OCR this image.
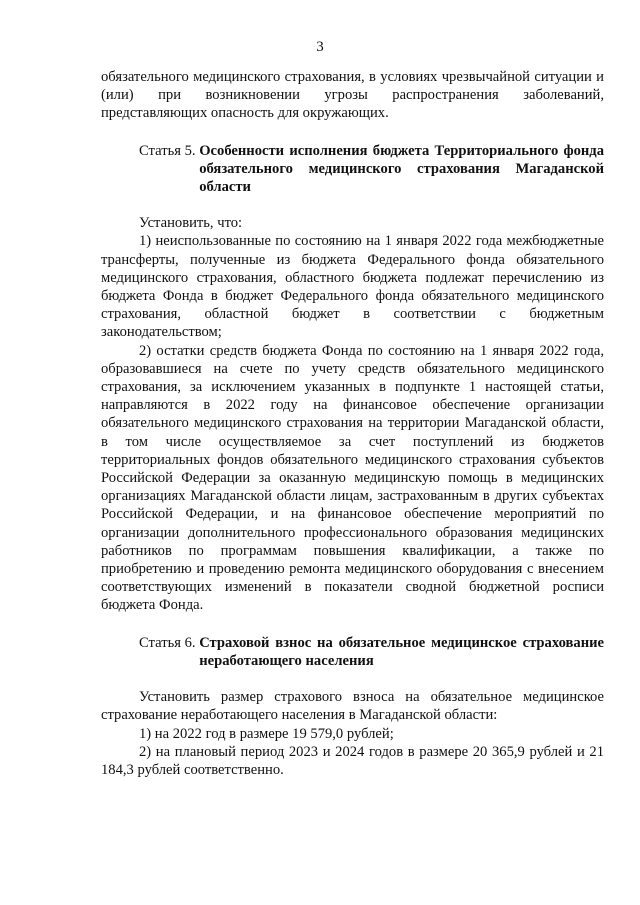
3

обязательного медицинского страхования, в условиях чрезвычайной ситуации и (или) при возникновении угрозы распространения заболеваний, представляющих опасность для окружающих.

Статья 5. Особенности исполнения бюджета Территориального фонда обязательного медицинского страхования Магаданской области

Установить, что:

1) неиспользованные по состоянию на 1 января 2022 года межбюджетные трансферты, полученные из бюджета Федерального фонда обязательного медицинского страхования, областного бюджета подлежат перечислению из бюджета Фонда в бюджет Федерального фонда обязательного медицинского страхования, областной бюджет в соответствии с бюджетным законодательством;

2) остатки средств бюджета Фонда по состоянию на 1 января 2022 года, образовавшиеся на счете по учету средств обязательного медицинского страхования, за исключением указанных в подпункте 1 настоящей статьи, направляются в 2022 году на финансовое обеспечение организации обязательного медицинского страхования на территории Магаданской области, в том числе осуществляемое за счет поступлений из бюджетов территориальных фондов обязательного медицинского страхования субъектов Российской Федерации за оказанную медицинскую помощь в медицинских организациях Магаданской области лицам, застрахованным в других субъектах Российской Федерации, и на финансовое обеспечение мероприятий по организации дополнительного профессионального образования медицинских работников по программам повышения квалификации, а также по приобретению и проведению ремонта медицинского оборудования с внесением соответствующих изменений в показатели сводной бюджетной росписи бюджета Фонда.

Статья 6. Страховой взнос на обязательное медицинское страхование неработающего населения

Установить размер страхового взноса на обязательное медицинское страхование неработающего населения в Магаданской области:

1) на 2022 год в размере 19 579,0 рублей;

2) на плановый период 2023 и 2024 годов в размере 20 365,9 рублей и 21 184,3 рублей соответственно.
